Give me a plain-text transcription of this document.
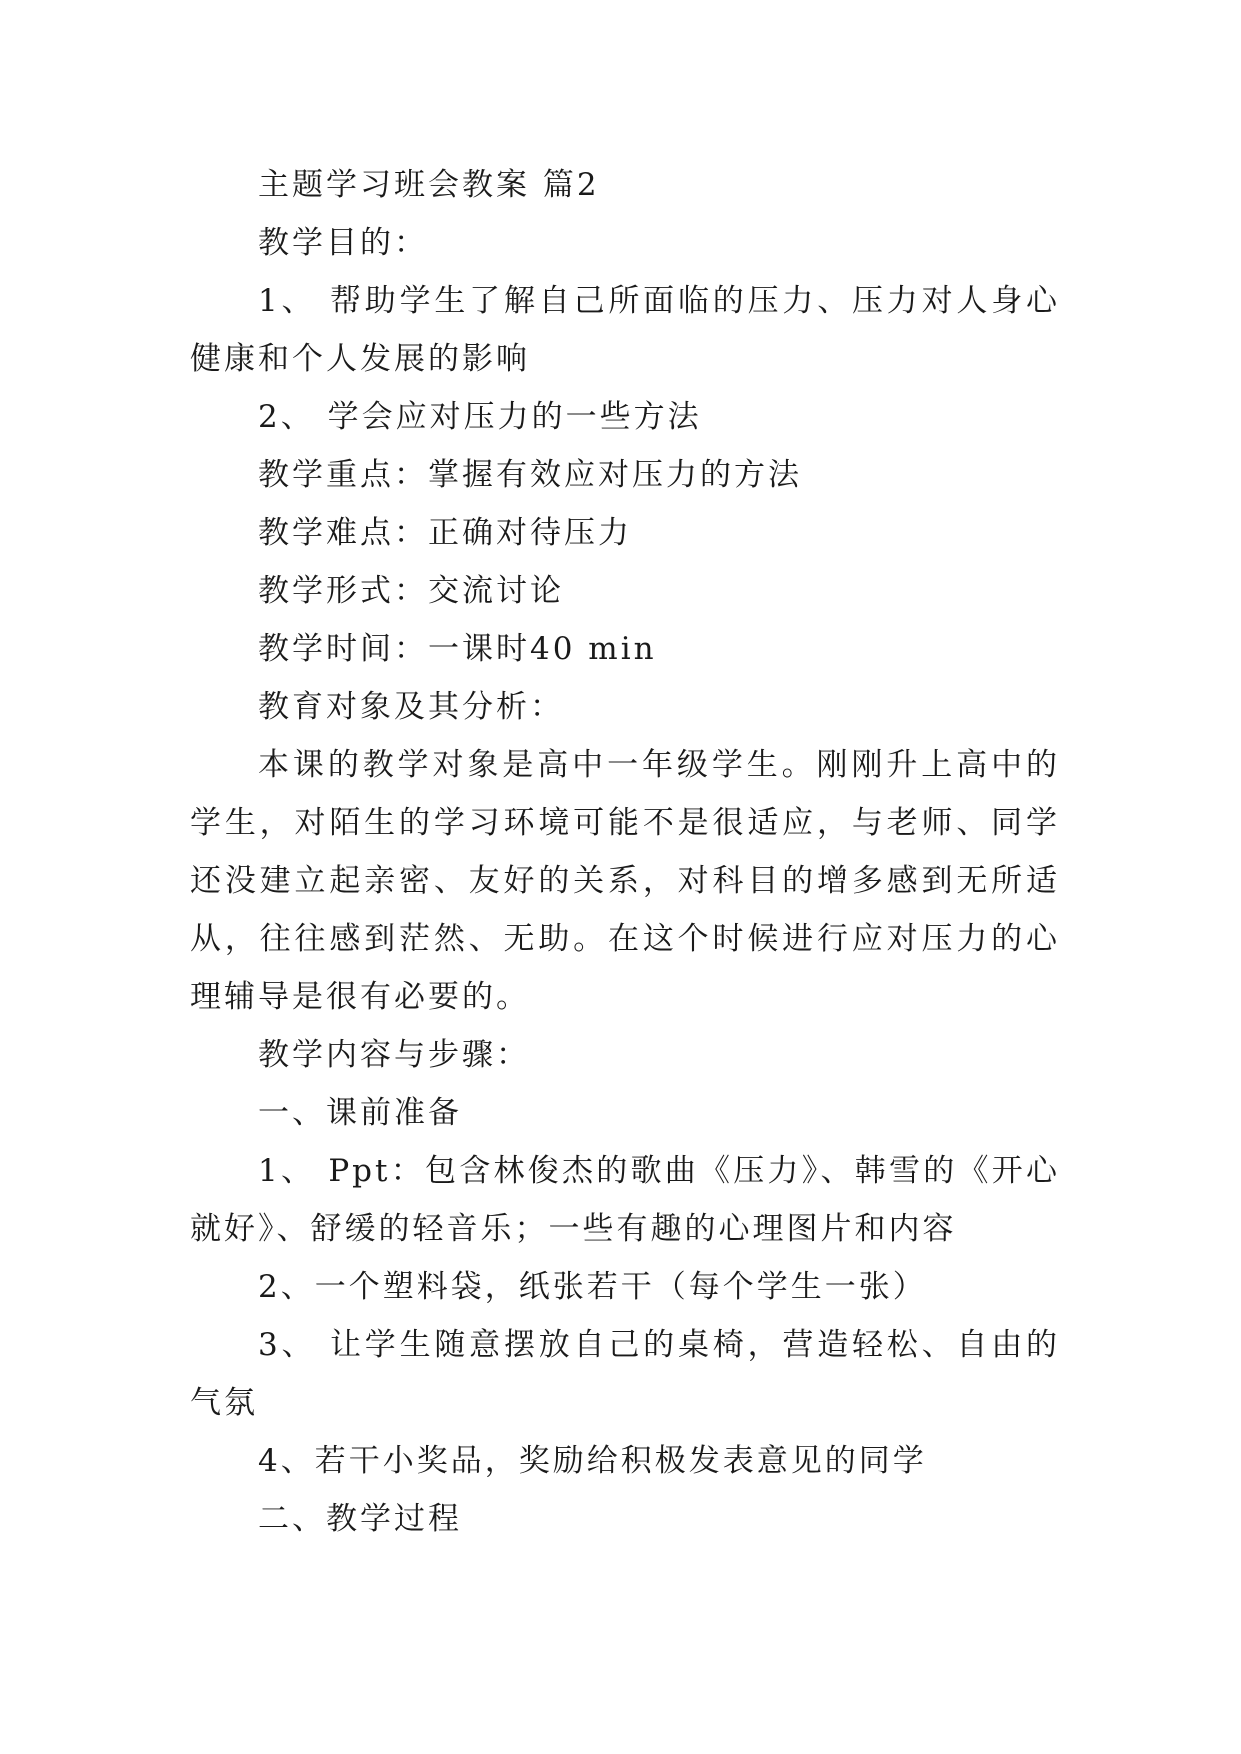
主题学习班会教案 篇2

教学目的：

1、 帮助学生了解自己所面临的压力、压力对人身心健康和个人发展的影响

2、 学会应对压力的一些方法

教学重点：掌握有效应对压力的方法

教学难点：正确对待压力

教学形式：交流讨论

教学时间：一课时40 min

教育对象及其分析：

本课的教学对象是高中一年级学生。刚刚升上高中的学生，对陌生的学习环境可能不是很适应，与老师、同学还没建立起亲密、友好的关系，对科目的增多感到无所适从，往往感到茫然、无助。在这个时候进行应对压力的心理辅导是很有必要的。

教学内容与步骤：

一、课前准备

1、 Ppt：包含林俊杰的歌曲《压力》、韩雪的《开心就好》、舒缓的轻音乐；一些有趣的心理图片和内容

2、一个塑料袋，纸张若干（每个学生一张）

3、 让学生随意摆放自己的桌椅，营造轻松、自由的气氛

4、若干小奖品，奖励给积极发表意见的同学

二、教学过程
